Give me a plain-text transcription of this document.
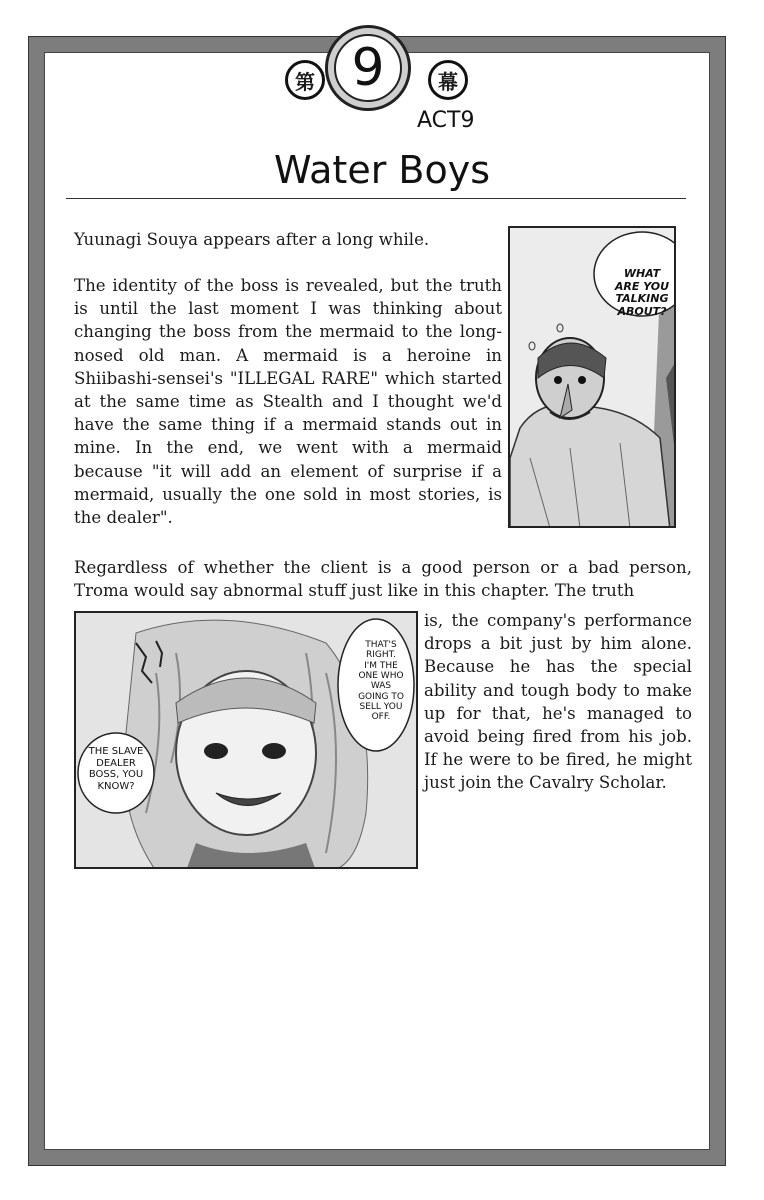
9
第	幕
ACT9
Water Boys

Yuunagi Souya appears after a long while.

The identity of the boss is revealed, but the truth is until the last moment I was thinking about changing the boss from the mermaid to the long-nosed old man. A mermaid is a heroine in Shiibashi-sensei's "ILLEGAL RARE" which started at the same time as Stealth and I thought we'd have the same thing if a mermaid stands out in mine. In the end, we went with a mermaid because "it will add an element of surprise if a mermaid, usually the one sold in most stories, is the dealer".

WHAT
ARE YOU
TALKING
ABOUT?

Regardless of whether the client is a good person or a bad person, Troma would say abnormal stuff just like in this chapter. The truth

THAT'S
RIGHT.
I'M THE
ONE WHO
WAS
GOING TO
SELL YOU
OFF.
THE SLAVE
DEALER
BOSS, YOU
KNOW?

is, the company's performance drops a bit just by him alone. Because he has the special ability and tough body to make up for that, he's managed to avoid being fired from his job. If he were to be fired, he might just join the Cavalry Scholar.
